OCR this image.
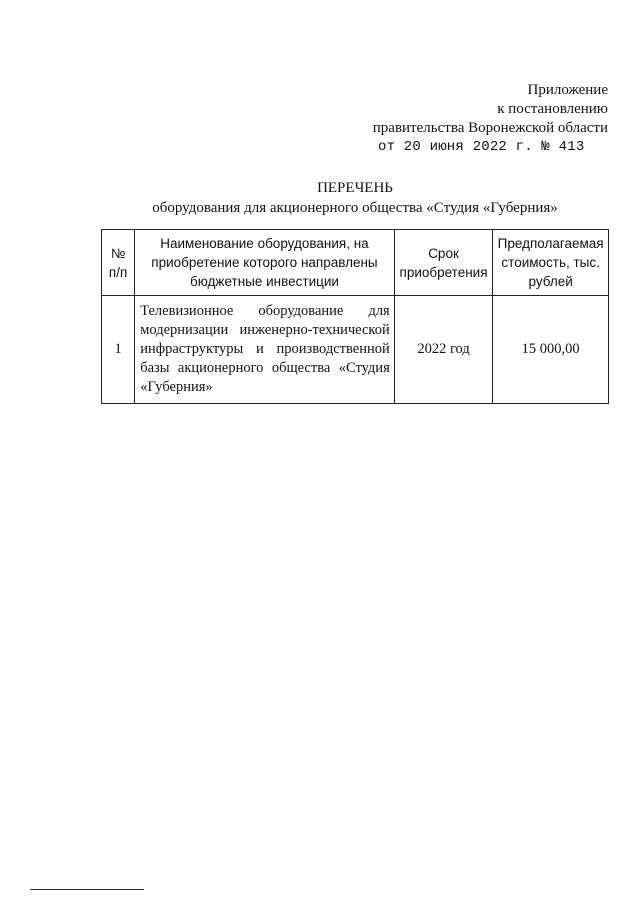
Приложение
к постановлению
правительства Воронежской области
от 20 июня 2022 г. № 413
ПЕРЕЧЕНЬ
оборудования для акционерного общества «Студия «Губерния»
№ п/п	Наименование оборудования, на приобретение которого направлены бюджетные инвестиции	Срок приобретения	Предполагаемая стоимость, тыс. рублей
1	Телевизионное оборудование для модернизации инженерно-технической инфраструктуры и производственной базы акционерного общества «Студия «Губерния»	2022 год	15 000,00
